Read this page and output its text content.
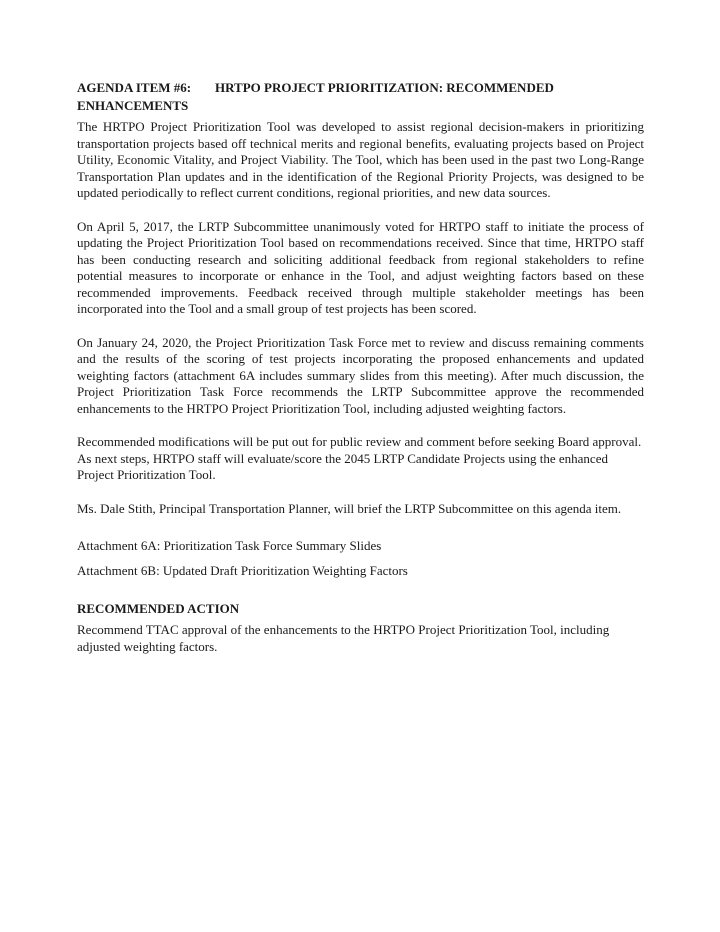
AGENDA ITEM #6: HRTPO PROJECT PRIORITIZATION: RECOMMENDED
ENHANCEMENTS

The HRTPO Project Prioritization Tool was developed to assist regional decision-makers in prioritizing transportation projects based off technical merits and regional benefits, evaluating projects based on Project Utility, Economic Vitality, and Project Viability. The Tool, which has been used in the past two Long-Range Transportation Plan updates and in the identification of the Regional Priority Projects, was designed to be updated periodically to reflect current conditions, regional priorities, and new data sources.

On April 5, 2017, the LRTP Subcommittee unanimously voted for HRTPO staff to initiate the process of updating the Project Prioritization Tool based on recommendations received. Since that time, HRTPO staff has been conducting research and soliciting additional feedback from regional stakeholders to refine potential measures to incorporate or enhance in the Tool, and adjust weighting factors based on these recommended improvements. Feedback received through multiple stakeholder meetings has been incorporated into the Tool and a small group of test projects has been scored.

On January 24, 2020, the Project Prioritization Task Force met to review and discuss remaining comments and the results of the scoring of test projects incorporating the proposed enhancements and updated weighting factors (attachment 6A includes summary slides from this meeting). After much discussion, the Project Prioritization Task Force recommends the LRTP Subcommittee approve the recommended enhancements to the HRTPO Project Prioritization Tool, including adjusted weighting factors.

Recommended modifications will be put out for public review and comment before seeking Board approval. As next steps, HRTPO staff will evaluate/score the 2045 LRTP Candidate Projects using the enhanced Project Prioritization Tool.

Ms. Dale Stith, Principal Transportation Planner, will brief the LRTP Subcommittee on this agenda item.

Attachment 6A: Prioritization Task Force Summary Slides

Attachment 6B: Updated Draft Prioritization Weighting Factors

RECOMMENDED ACTION

Recommend TTAC approval of the enhancements to the HRTPO Project Prioritization Tool, including adjusted weighting factors.
